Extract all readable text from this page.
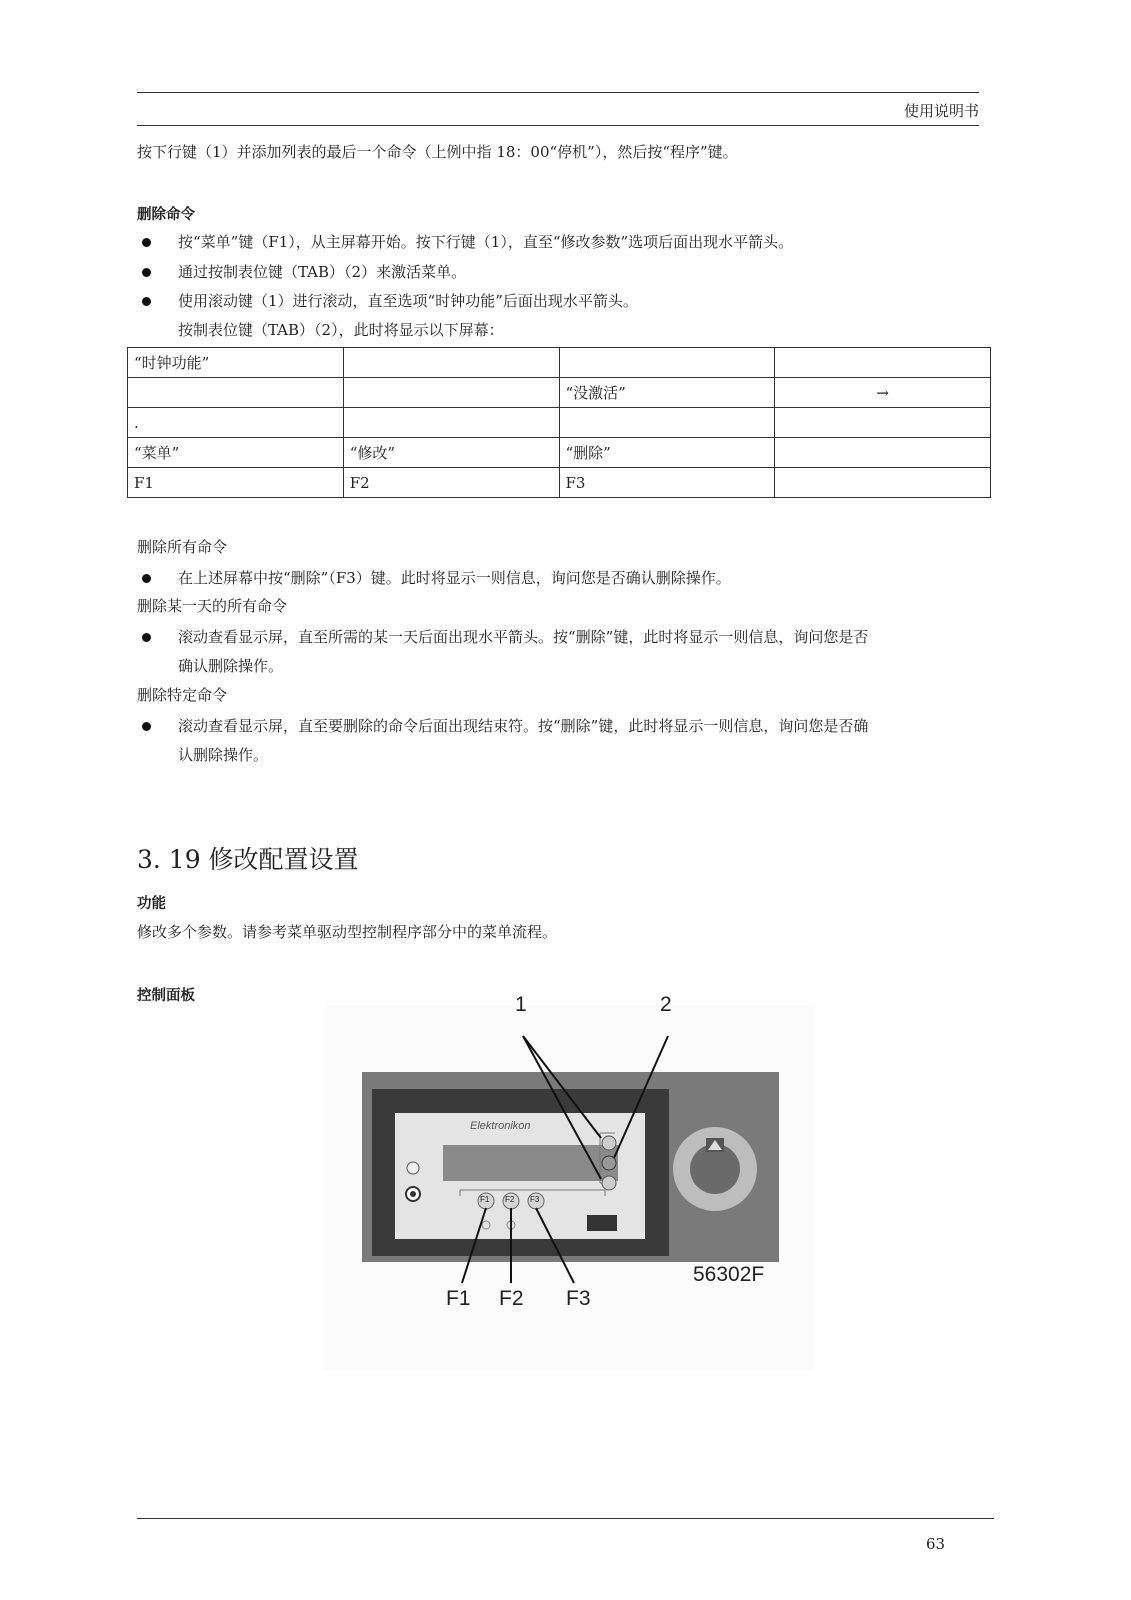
使用说明书
按下行键（1）并添加列表的最后一个命令（上例中指 18：00“停机”），然后按“程序”键。
删除命令
按“菜单”键（F1），从主屏幕开始。按下行键（1），直至“修改参数”选项后面出现水平箭头。
通过按制表位键（TAB）（2）来激活菜单。
使用滚动键（1）进行滚动，直至选项“时钟功能”后面出现水平箭头。
按制表位键（TAB）（2），此时将显示以下屏幕：
“时钟功能”			
		“没激活”	→
.			
“菜单”	“修改”	“删除”	
F1	F2	F3	
删除所有命令
在上述屏幕中按“删除”（F3）键。此时将显示一则信息，询问您是否确认删除操作。
删除某一天的所有命令
滚动查看显示屏，直至所需的某一天后面出现水平箭头。按“删除”键，此时将显示一则信息，询问您是否
确认删除操作。
删除特定命令
滚动查看显示屏，直至要删除的命令后面出现结束符。按“删除”键，此时将显示一则信息，询问您是否确
认删除操作。
3. 19 修改配置设置
功能
修改多个参数。请参考菜单驱动型控制程序部分中的菜单流程。
控制面板	1	2
Elektronikon
F1 F2 F3
F1 F2 F3
56302F
63
